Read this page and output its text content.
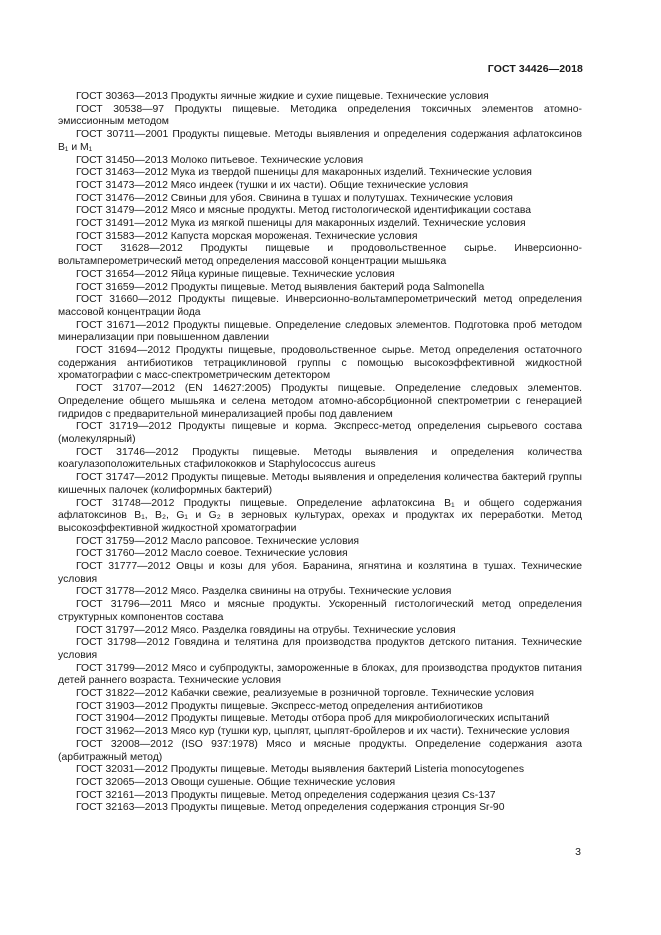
ГОСТ 34426—2018

ГОСТ 30363—2013 Продукты яичные жидкие и сухие пищевые. Технические условия

ГОСТ 30538—97 Продукты пищевые. Методика определения токсичных элементов атомно-эмиссионным методом

ГОСТ 30711—2001 Продукты пищевые. Методы выявления и определения содержания афлатоксинов B₁ и M₁

ГОСТ 31450—2013 Молоко питьевое. Технические условия

ГОСТ 31463—2012 Мука из твердой пшеницы для макаронных изделий. Технические условия

ГОСТ 31473—2012 Мясо индеек (тушки и их части). Общие технические условия

ГОСТ 31476—2012 Свиньи для убоя. Свинина в тушах и полутушах. Технические условия

ГОСТ 31479—2012 Мясо и мясные продукты. Метод гистологической идентификации состава

ГОСТ 31491—2012 Мука из мягкой пшеницы для макаронных изделий. Технические условия

ГОСТ 31583—2012 Капуста морская мороженая. Технические условия

ГОСТ 31628—2012 Продукты пищевые и продовольственное сырье. Инверсионно-вольтамперометрический метод определения массовой концентрации мышьяка

ГОСТ 31654—2012 Яйца куриные пищевые. Технические условия

ГОСТ 31659—2012 Продукты пищевые. Метод выявления бактерий рода Salmonella

ГОСТ 31660—2012 Продукты пищевые. Инверсионно-вольтамперометрический метод определения массовой концентрации йода

ГОСТ 31671—2012 Продукты пищевые. Определение следовых элементов. Подготовка проб методом минерализации при повышенном давлении

ГОСТ 31694—2012 Продукты пищевые, продовольственное сырье. Метод определения остаточного содержания антибиотиков тетрациклиновой группы с помощью высокоэффективной жидкостной хроматографии с масс-спектрометрическим детектором

ГОСТ 31707—2012 (EN 14627:2005) Продукты пищевые. Определение следовых элементов. Определение общего мышьяка и селена методом атомно-абсорбционной спектрометрии с генерацией гидридов с предварительной минерализацией пробы под давлением

ГОСТ 31719—2012 Продукты пищевые и корма. Экспресс-метод определения сырьевого состава (молекулярный)

ГОСТ 31746—2012 Продукты пищевые. Методы выявления и определения количества коагулазоположительных стафилококков и Staphylococcus aureus

ГОСТ 31747—2012 Продукты пищевые. Методы выявления и определения количества бактерий группы кишечных палочек (колиформных бактерий)

ГОСТ 31748—2012 Продукты пищевые. Определение афлатоксина B₁ и общего содержания афлатоксинов B₁, B₂, G₁ и G₂ в зерновых культурах, орехах и продуктах их переработки. Метод высокоэффективной жидкостной хроматографии

ГОСТ 31759—2012 Масло рапсовое. Технические условия

ГОСТ 31760—2012 Масло соевое. Технические условия

ГОСТ 31777—2012 Овцы и козы для убоя. Баранина, ягнятина и козлятина в тушах. Технические условия

ГОСТ 31778—2012 Мясо. Разделка свинины на отрубы. Технические условия

ГОСТ 31796—2011 Мясо и мясные продукты. Ускоренный гистологический метод определения структурных компонентов состава

ГОСТ 31797—2012 Мясо. Разделка говядины на отрубы. Технические условия

ГОСТ 31798—2012 Говядина и телятина для производства продуктов детского питания. Технические условия

ГОСТ 31799—2012 Мясо и субпродукты, замороженные в блоках, для производства продуктов питания детей раннего возраста. Технические условия

ГОСТ 31822—2012 Кабачки свежие, реализуемые в розничной торговле. Технические условия

ГОСТ 31903—2012 Продукты пищевые. Экспресс-метод определения антибиотиков

ГОСТ 31904—2012 Продукты пищевые. Методы отбора проб для микробиологических испытаний

ГОСТ 31962—2013 Мясо кур (тушки кур, цыплят, цыплят-бройлеров и их части). Технические условия

ГОСТ 32008—2012 (ISO 937:1978) Мясо и мясные продукты. Определение содержания азота (арбитражный метод)

ГОСТ 32031—2012 Продукты пищевые. Методы выявления бактерий Listeria monocytogenes

ГОСТ 32065—2013 Овощи сушеные. Общие технические условия

ГОСТ 32161—2013 Продукты пищевые. Метод определения содержания цезия Cs-137

ГОСТ 32163—2013 Продукты пищевые. Метод определения содержания стронция Sr-90

3
